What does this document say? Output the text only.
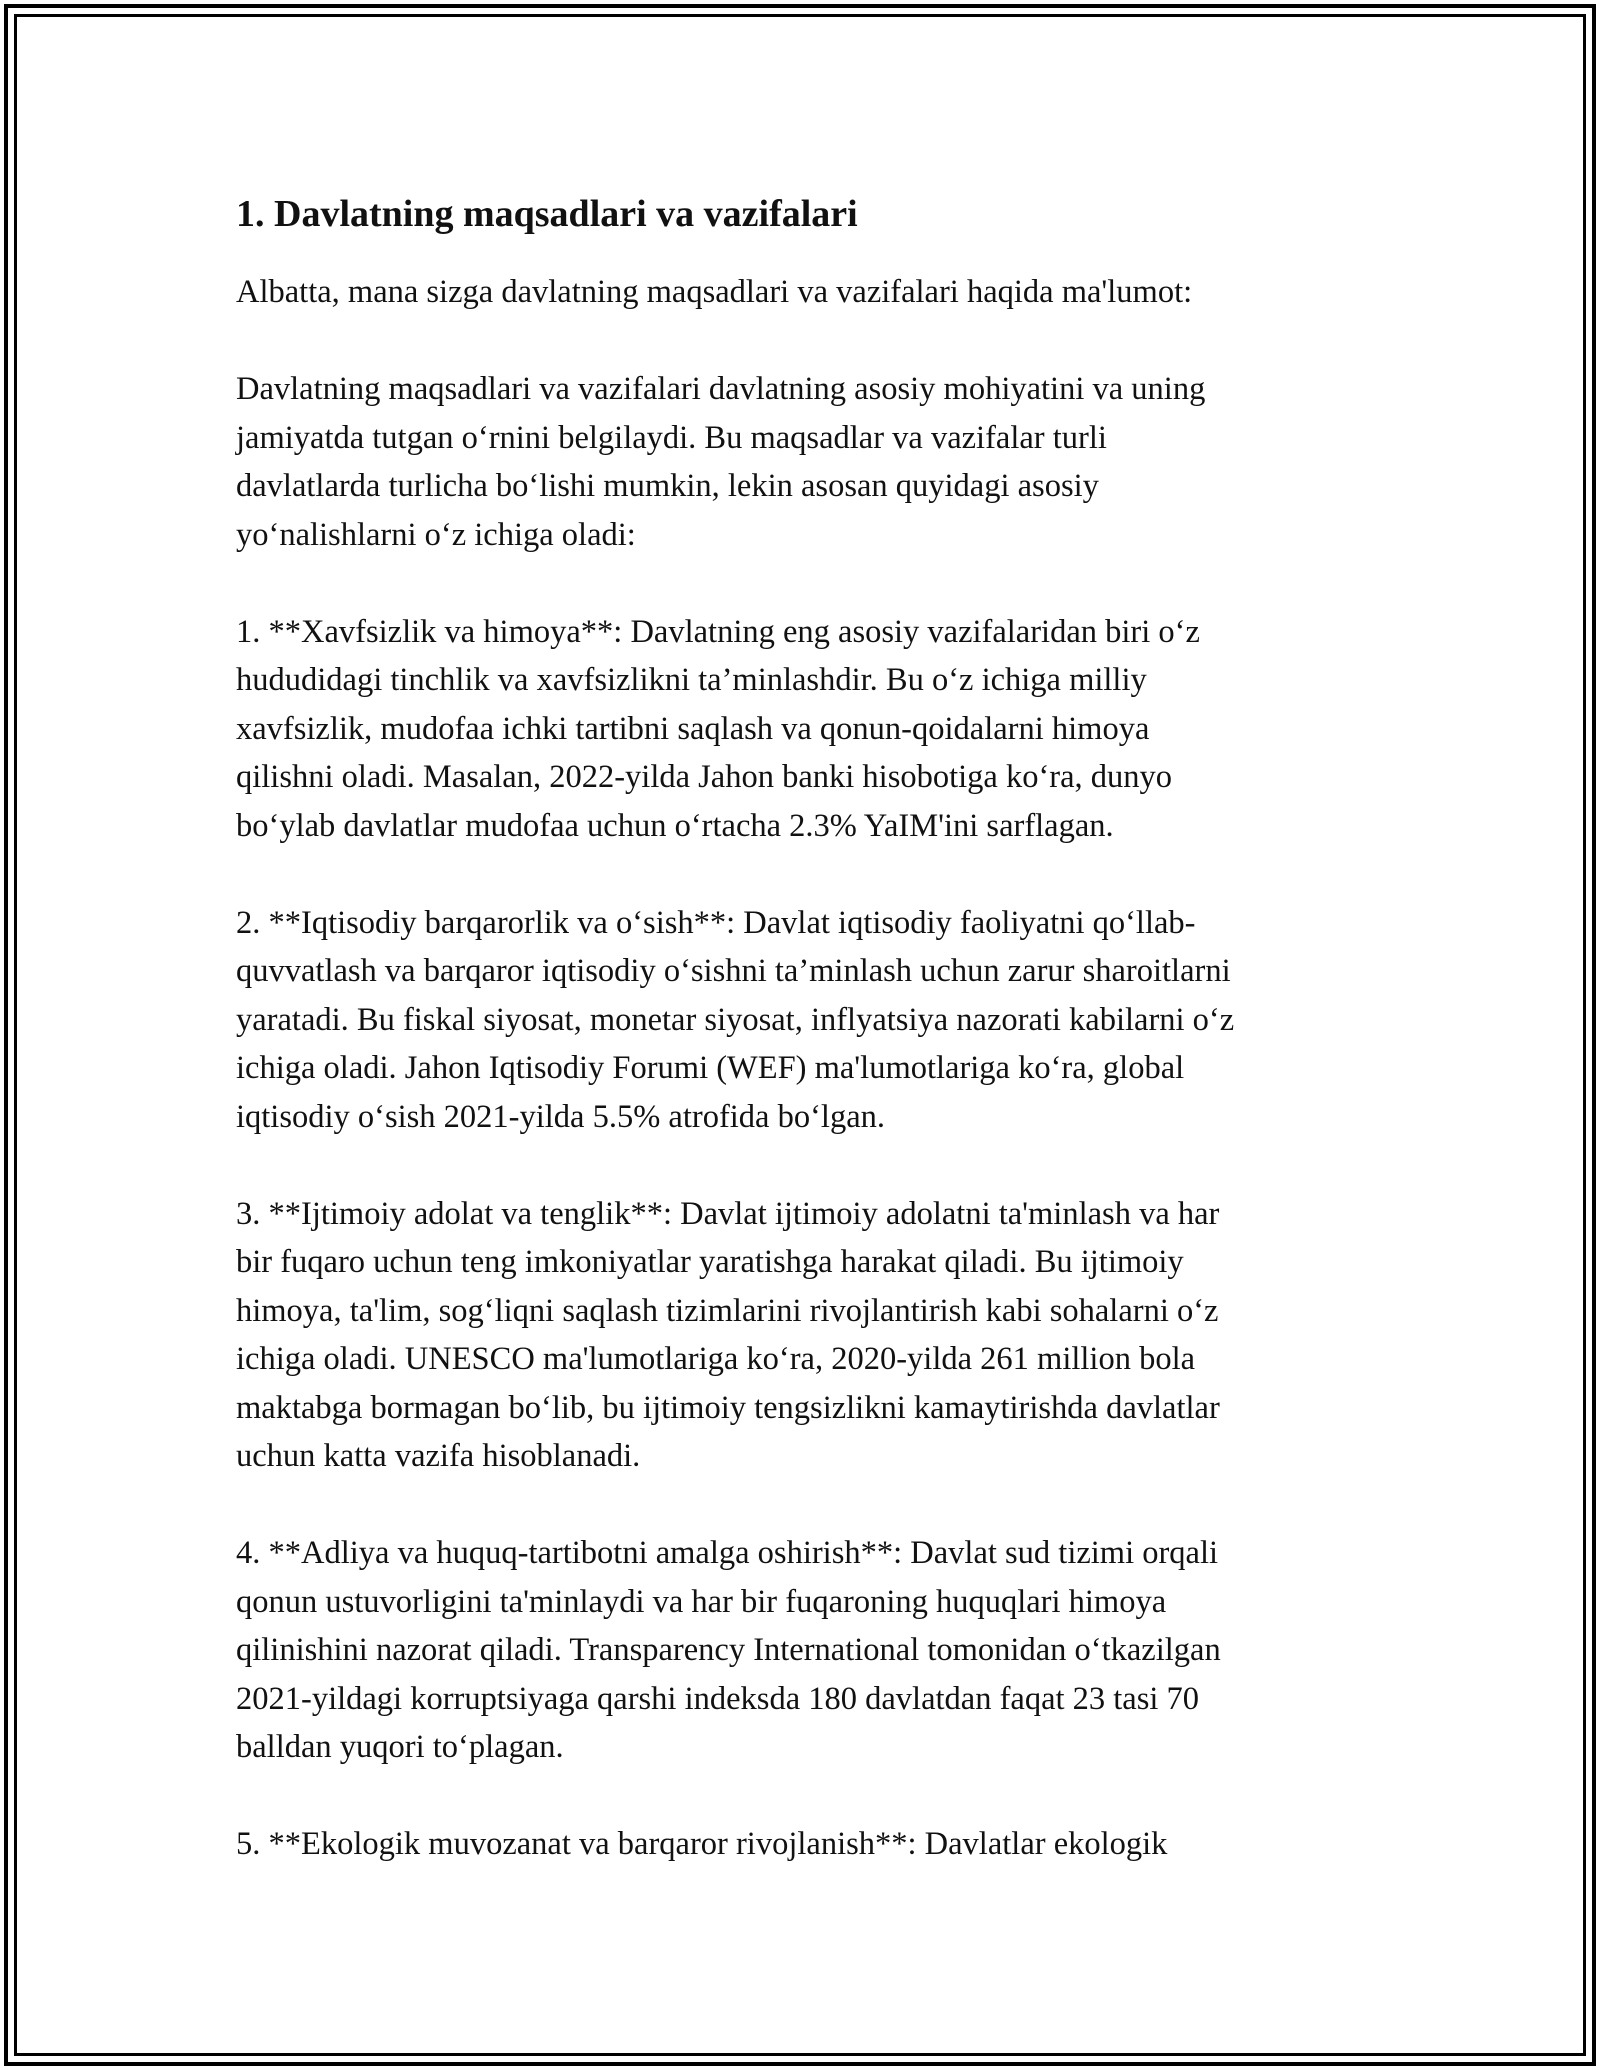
1. Davlatning maqsadlari va vazifalari
Albatta, mana sizga davlatning maqsadlari va vazifalari haqida ma'lumot:
Davlatning maqsadlari va vazifalari davlatning asosiy mohiyatini va uning
jamiyatda tutgan o‘rnini belgilaydi. Bu maqsadlar va vazifalar turli
davlatlarda turlicha bo‘lishi mumkin, lekin asosan quyidagi asosiy
yo‘nalishlarni o‘z ichiga oladi:
1. **Xavfsizlik va himoya**: Davlatning eng asosiy vazifalaridan biri o‘z
hududidagi tinchlik va xavfsizlikni ta’minlashdir. Bu o‘z ichiga milliy
xavfsizlik, mudofaa ichki tartibni saqlash va qonun-qoidalarni himoya
qilishni oladi. Masalan, 2022-yilda Jahon banki hisobotiga ko‘ra, dunyo
bo‘ylab davlatlar mudofaa uchun o‘rtacha 2.3% YaIM'ini sarflagan.
2. **Iqtisodiy barqarorlik va o‘sish**: Davlat iqtisodiy faoliyatni qo‘llab-
quvvatlash va barqaror iqtisodiy o‘sishni ta’minlash uchun zarur sharoitlarni
yaratadi. Bu fiskal siyosat, monetar siyosat, inflyatsiya nazorati kabilarni o‘z
ichiga oladi. Jahon Iqtisodiy Forumi (WEF) ma'lumotlariga ko‘ra, global
iqtisodiy o‘sish 2021-yilda 5.5% atrofida bo‘lgan.
3. **Ijtimoiy adolat va tenglik**: Davlat ijtimoiy adolatni ta'minlash va har
bir fuqaro uchun teng imkoniyatlar yaratishga harakat qiladi. Bu ijtimoiy
himoya, ta'lim, sog‘liqni saqlash tizimlarini rivojlantirish kabi sohalarni o‘z
ichiga oladi. UNESCO ma'lumotlariga ko‘ra, 2020-yilda 261 million bola
maktabga bormagan bo‘lib, bu ijtimoiy tengsizlikni kamaytirishda davlatlar
uchun katta vazifa hisoblanadi.
4. **Adliya va huquq-tartibotni amalga oshirish**: Davlat sud tizimi orqali
qonun ustuvorligini ta'minlaydi va har bir fuqaroning huquqlari himoya
qilinishini nazorat qiladi. Transparency International tomonidan o‘tkazilgan
2021-yildagi korruptsiyaga qarshi indeksda 180 davlatdan faqat 23 tasi 70
balldan yuqori to‘plagan.
5. **Ekologik muvozanat va barqaror rivojlanish**: Davlatlar ekologik
